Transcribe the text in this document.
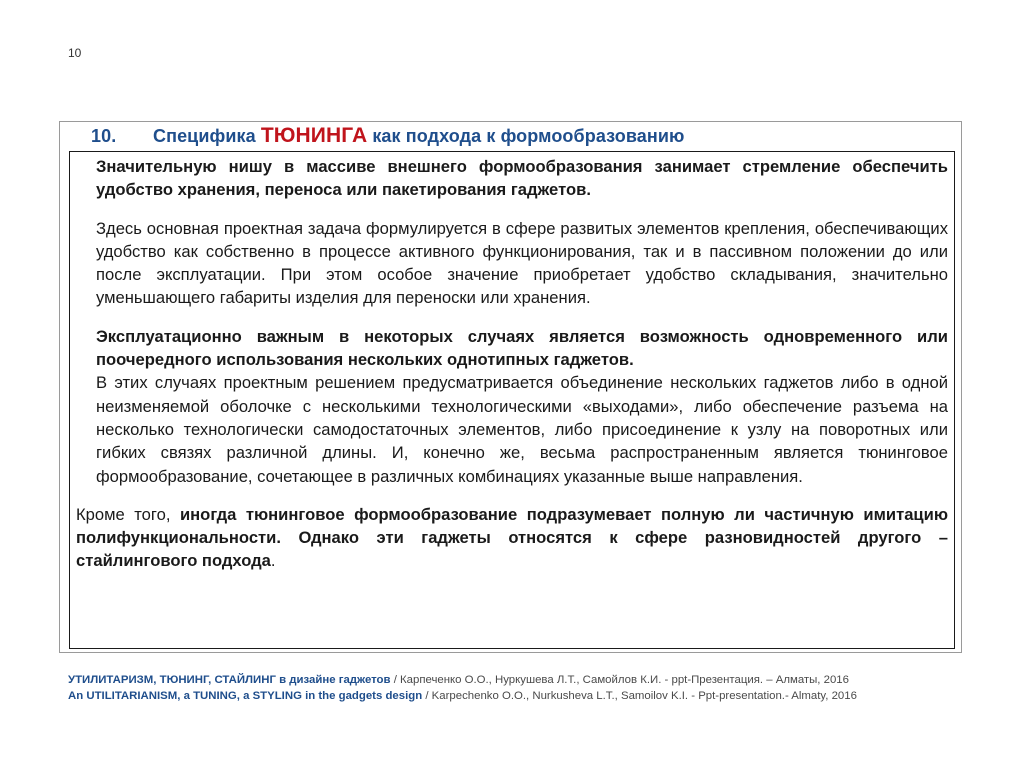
10
10. Специфика ТЮНИНГА как подхода к формообразованию

Значительную нишу в массиве внешнего формообразования занимает стремление обеспечить удобство хранения, переноса или пакетирования гаджетов.

Здесь основная проектная задача формулируется в сфере развитых элементов крепления, обеспечивающих удобство как собственно в процессе активного функционирования, так и в пассивном положении до или после эксплуатации. При этом особое значение приобретает удобство складывания, значительно уменьшающего габариты изделия для переноски или хранения.

Эксплуатационно важным в некоторых случаях является возможность одновременного или поочередного использования нескольких однотипных гаджетов.

В этих случаях проектным решением предусматривается объединение нескольких гаджетов либо в одной неизменяемой оболочке с несколькими технологическими «выходами», либо обеспечение разъема на несколько технологически самодостаточных элементов, либо присоединение к узлу на поворотных или гибких связях различной длины. И, конечно же, весьма распространенным является тюнинговое формообразование, сочетающее в различных комбинациях указанные выше направления.

Кроме того, иногда тюнинговое формообразование подразумевает полную ли частичную имитацию полифункциональности. Однако эти гаджеты относятся к сфере разновидностей другого – стайлингового подхода.

УТИЛИТАРИЗМ, ТЮНИНГ, СТАЙЛИНГ в дизайне гаджетов / Карпеченко О.О., Нуркушева Л.Т., Самойлов К.И. - ppt-Презентация. – Алматы, 2016
An UTILITARIANISM, a TUNING, a STYLING in the gadgets design / Karpechenko O.O., Nurkusheva L.T., Samoilov K.I. - Ppt-presentation.- Almaty, 2016
